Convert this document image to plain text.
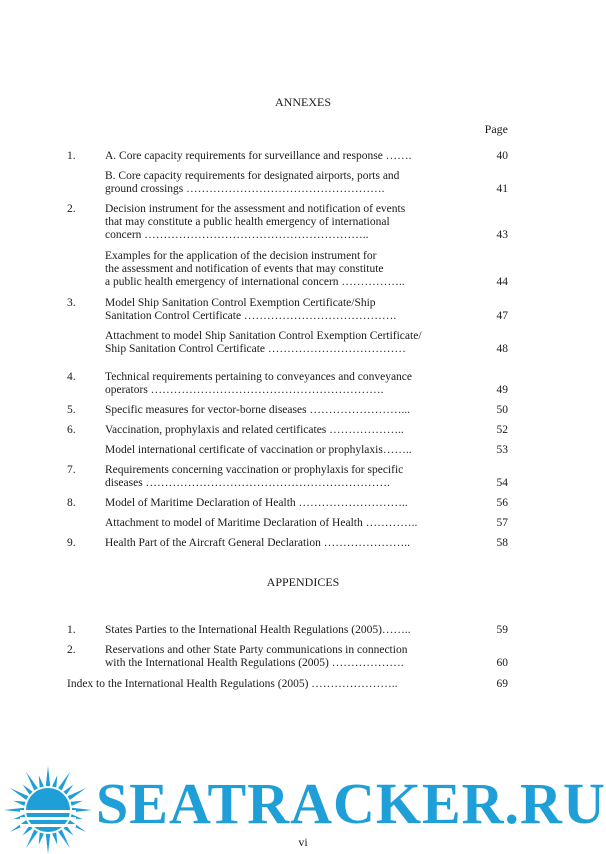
ANNEXES
Page
1.	A. Core capacity requirements for surveillance and response …….	40
B. Core capacity requirements for designated airports, ports and
ground crossings …………………………………………….	41
2.	Decision instrument for the assessment and notification of events
that may constitute a public health emergency of international
concern …………………………………………………..	43
Examples for the application of the decision instrument for
the assessment and notification of events that may constitute
a public health emergency of international concern ……………..	44
3.	Model Ship Sanitation Control Exemption Certificate/Ship
Sanitation Control Certificate ………………………………….	47
Attachment to model Ship Sanitation Control Exemption Certificate/
Ship Sanitation Control Certificate ………………………………	48
4.	Technical requirements pertaining to conveyances and conveyance
operators …………………………………………………….	49
5.	Specific measures for vector-borne diseases ……………………...	50
6.	Vaccination, prophylaxis and related certificates ………………..	52
Model international certificate of vaccination or prophylaxis……..	53
7.	Requirements concerning vaccination or prophylaxis for specific
diseases ……………………………………………………….	54
8.	Model of Maritime Declaration of Health ………………………..	56
Attachment to model of Maritime Declaration of Health …………..	57
9.	Health Part of the Aircraft General Declaration …………………..	58
APPENDICES
1.	States Parties to the International Health Regulations (2005)……..	59
2.	Reservations and other State Party communications in connection
with the International Health Regulations (2005) ……………….	60
Index to the International Health Regulations (2005) …………………..	69
SEATRACKER.RU
vi
